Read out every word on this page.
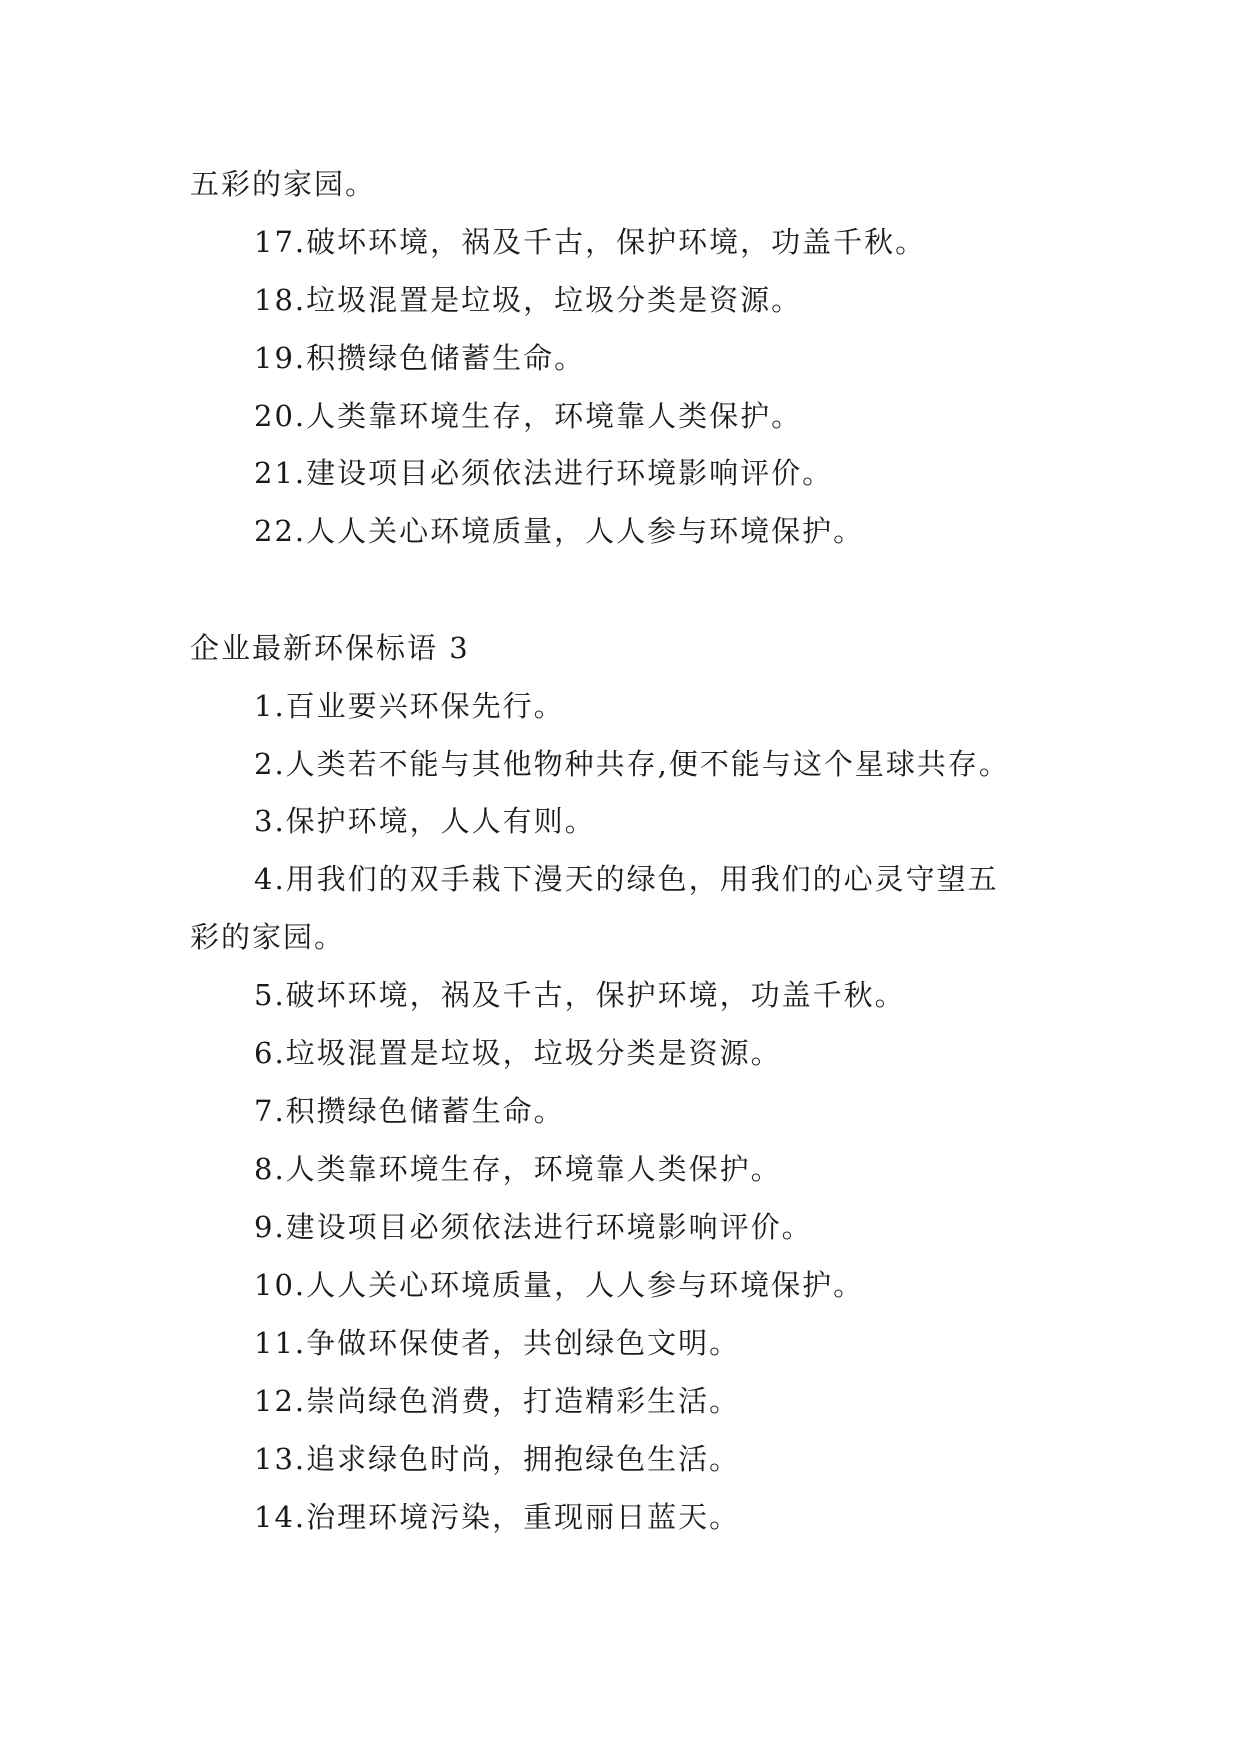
五彩的家园。
17.破坏环境，祸及千古，保护环境，功盖千秋。
18.垃圾混置是垃圾，垃圾分类是资源。
19.积攒绿色储蓄生命。
20.人类靠环境生存，环境靠人类保护。
21.建设项目必须依法进行环境影响评价。
22.人人关心环境质量，人人参与环境保护。
企业最新环保标语 3
1.百业要兴环保先行。
2.人类若不能与其他物种共存,便不能与这个星球共存。
3.保护环境，人人有则。
4.用我们的双手栽下漫天的绿色，用我们的心灵守望五
彩的家园。
5.破坏环境，祸及千古，保护环境，功盖千秋。
6.垃圾混置是垃圾，垃圾分类是资源。
7.积攒绿色储蓄生命。
8.人类靠环境生存，环境靠人类保护。
9.建设项目必须依法进行环境影响评价。
10.人人关心环境质量，人人参与环境保护。
11.争做环保使者，共创绿色文明。
12.崇尚绿色消费，打造精彩生活。
13.追求绿色时尚，拥抱绿色生活。
14.治理环境污染，重现丽日蓝天。
